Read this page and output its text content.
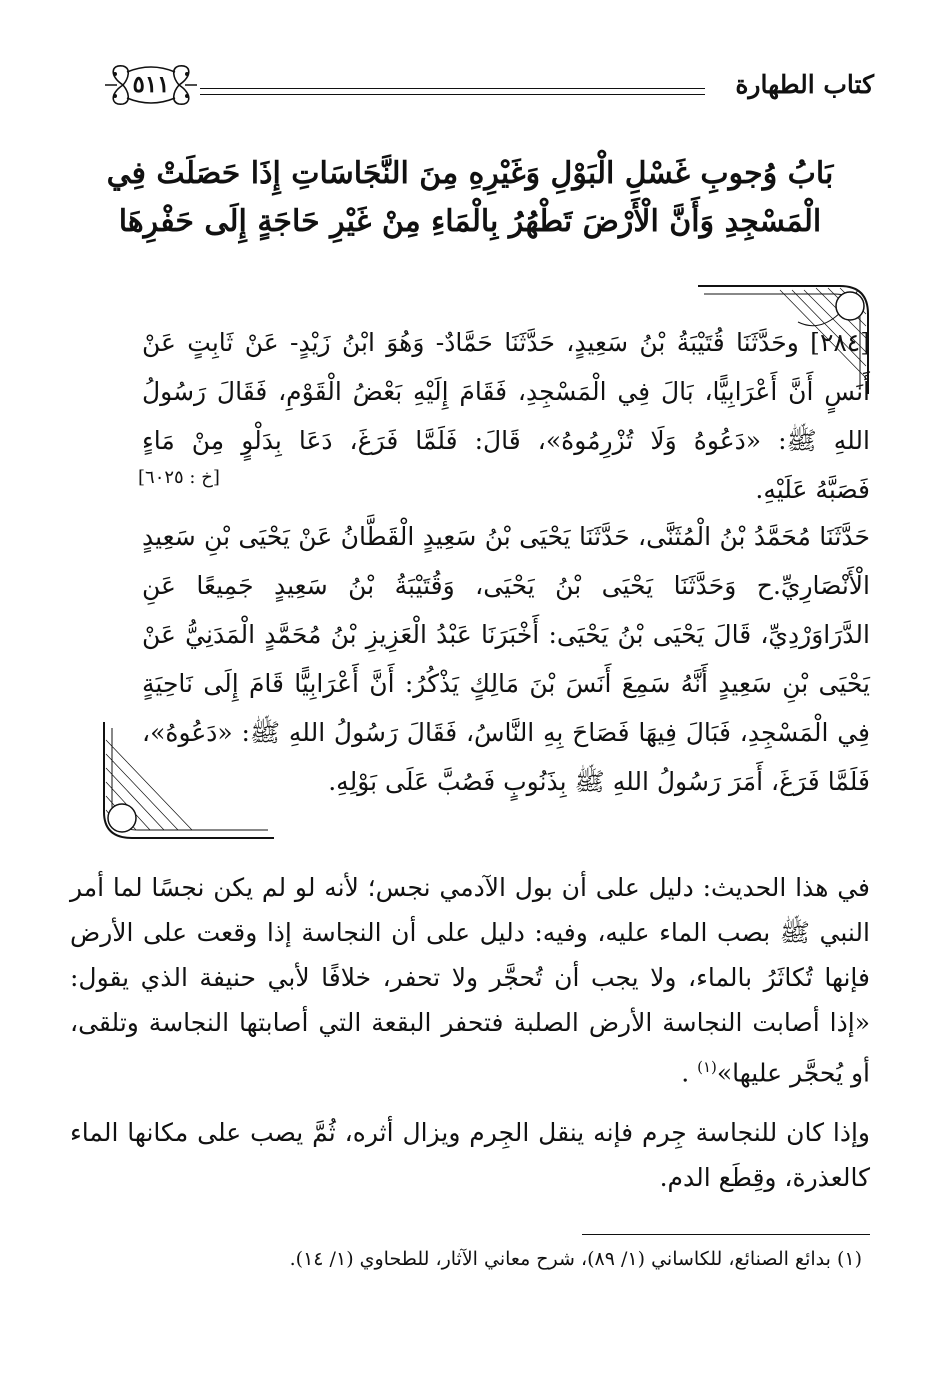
كتاب الطهارة
٥١١
بَابُ وُجوبِ غَسْلِ الْبَوْلِ وَغَيْرِهِ مِنَ النَّجَاسَاتِ إِذَا حَصَلَتْ فِي الْمَسْجِدِ وَأَنَّ الْأَرْضَ تَطْهُرُ بِالْمَاءِ مِنْ غَيْرِ حَاجَةٍ إِلَى حَفْرِهَا

[٢٨٤] وحَدَّثَنَا قُتَيْبَةُ بْنُ سَعِيدٍ، حَدَّثَنَا حَمَّادٌ- وَهُوَ ابْنُ زَيْدٍ- عَنْ ثَابِتٍ عَنْ أَنَسٍ أَنَّ أَعْرَابِيًّا، بَالَ فِي الْمَسْجِدِ، فَقَامَ إِلَيْهِ بَعْضُ الْقَوْمِ، فَقَالَ رَسُولُ اللهِ ﷺ: «دَعُوهُ وَلَا تُزْرِمُوهُ»، قَالَ: فَلَمَّا فَرَغَ، دَعَا بِدَلْوٍ مِنْ مَاءٍ

فَصَبَّهُ عَلَيْهِ.

[خ : ٦٠٢٥]

حَدَّثَنَا مُحَمَّدُ بْنُ الْمُثَنَّى، حَدَّثَنَا يَحْيَى بْنُ سَعِيدٍ الْقَطَّانُ عَنْ يَحْيَى بْنِ سَعِيدٍ الْأَنْصَارِيِّ.ح وَحَدَّثَنَا يَحْيَى بْنُ يَحْيَى، وَقُتَيْبَةُ بْنُ سَعِيدٍ جَمِيعًا عَنِ الدَّرَاوَرْدِيِّ، قَالَ يَحْيَى بْنُ يَحْيَى: أَخْبَرَنَا عَبْدُ الْعَزِيزِ بْنُ مُحَمَّدٍ الْمَدَنِيُّ عَنْ يَحْيَى بْنِ سَعِيدٍ أَنَّهُ سَمِعَ أَنَسَ بْنَ مَالِكٍ يَذْكُرُ: أَنَّ أَعْرَابِيًّا قَامَ إِلَى نَاحِيَةٍ فِي الْمَسْجِدِ، فَبَالَ فِيهَا فَصَاحَ بِهِ النَّاسُ، فَقَالَ رَسُولُ اللهِ ﷺ: «دَعُوهُ»،

فَلَمَّا فَرَغَ، أَمَرَ رَسُولُ اللهِ ﷺ بِذَنُوبٍ فَصُبَّ عَلَى بَوْلِهِ.

في هذا الحديث: دليل على أن بول الآدمي نجس؛ لأنه لو لم يكن نجسًا لما أمر النبي ﷺ بصب الماء عليه، وفيه: دليل على أن النجاسة إذا وقعت على الأرض فإنها تُكاثَرُ بالماء، ولا يجب أن تُحجَّر ولا تحفر، خلافًا لأبي حنيفة الذي يقول: «إذا أصابت النجاسة الأرض الصلبة فتحفر البقعة التي أصابتها النجاسة وتلقى، أو يُحجَّر عليها»$^{(١)}$ .

وإذا كان للنجاسة جِرم فإنه ينقل الجِرم ويزال أثره، ثُمَّ يصب على مكانها الماء كالعذرة، وقِطَع الدم.

(١) بدائع الصنائع، للكاساني (١/ ٨٩)، شرح معاني الآثار، للطحاوي (١/ ١٤).
